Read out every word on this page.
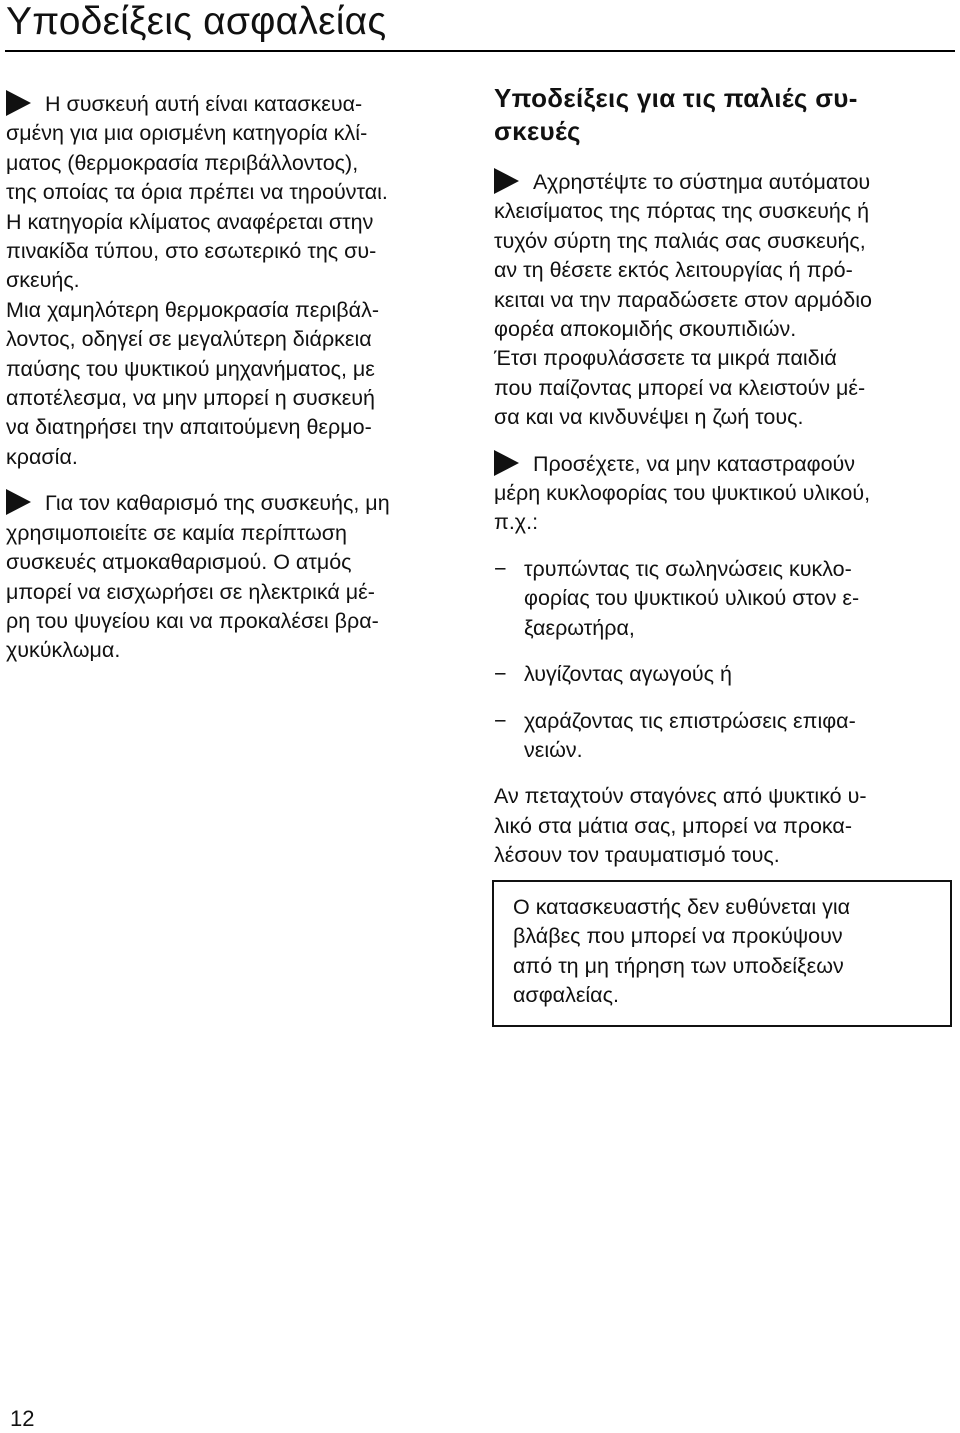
Υποδείξεις ασφαλείας

Η συσκευή αυτή είναι κατασκευα-
σμένη για μια ορισμένη κατηγορία κλί-
ματος (θερμοκρασία περιβάλλοντος),
της οποίας τα όρια πρέπει να τηρούνται.
Η κατηγορία κλίματος αναφέρεται στην
πινακίδα τύπου, στο εσωτερικό της συ-
σκευής.
Μια χαμηλότερη θερμοκρασία περιβάλ-
λοντος, οδηγεί σε μεγαλύτερη διάρκεια
παύσης του ψυκτικού μηχανήματος, με
αποτέλεσμα, να μην μπορεί η συσκευή
να διατηρήσει την απαιτούμενη θερμο-
κρασία.

Για τον καθαρισμό της συσκευής, μη
χρησιμοποιείτε σε καμία περίπτωση
συσκευές ατμοκαθαρισμού. Ο ατμός
μπορεί να εισχωρήσει σε ηλεκτρικά μέ-
ρη του ψυγείου και να προκαλέσει βρα-
χυκύκλωμα.

Υποδείξεις για τις παλιές συ-
σκευές

Αχρηστέψτε το σύστημα αυτόματου
κλεισίματος της πόρτας της συσκευής ή
τυχόν σύρτη της παλιάς σας συσκευής,
αν τη θέσετε εκτός λειτουργίας ή πρό-
κειται να την παραδώσετε στον αρμόδιο
φορέα αποκομιδής σκουπιδιών.
Έτσι προφυλάσσετε τα μικρά παιδιά
που παίζοντας μπορεί να κλειστούν μέ-
σα και να κινδυνέψει η ζωή τους.

Προσέχετε, να μην καταστραφούν
μέρη κυκλοφορίας του ψυκτικού υλικού,
π.χ.:

− τρυπώντας τις σωληνώσεις κυκλο-
φορίας του ψυκτικού υλικού στον ε-
ξαερωτήρα,
− λυγίζοντας αγωγούς ή
− χαράζοντας τις επιστρώσεις επιφα-
νειών.

Αν πεταχτούν σταγόνες από ψυκτικό υ-
λικό στα μάτια σας, μπορεί να προκα-
λέσουν τον τραυματισμό τους.

Ο κατασκευαστής δεν ευθύνεται για
βλάβες που μπορεί να προκύψουν
από τη μη τήρηση των υποδείξεων
ασφαλείας.
12
